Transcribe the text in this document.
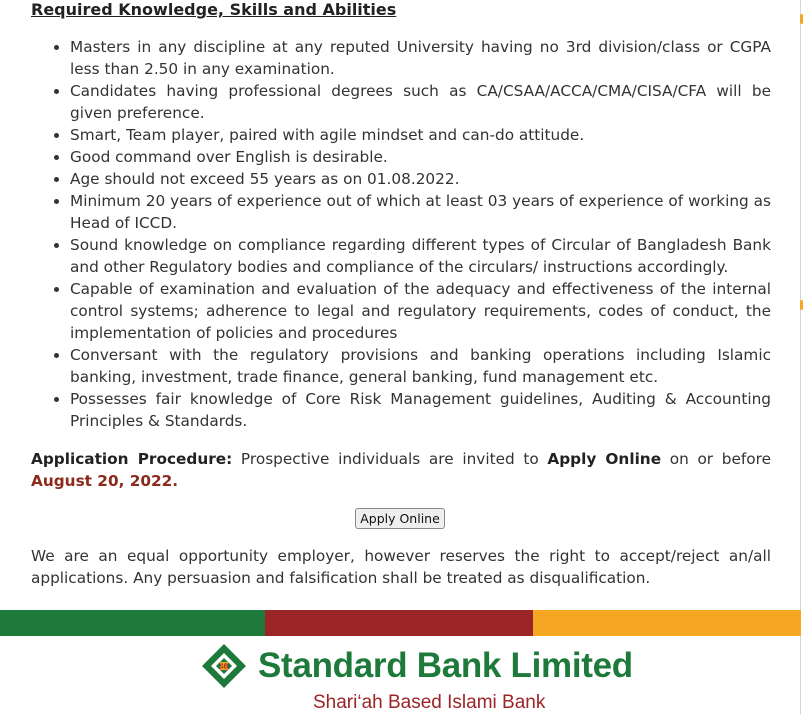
Required Knowledge, Skills and Abilities
• Masters in any discipline at any reputed University having no 3rd division/class or CGPA less than 2.50 in any examination.
• Candidates having professional degrees such as CA/CSAA/ACCA/CMA/CISA/CFA will be given preference.
• Smart, Team player, paired with agile mindset and can-do attitude.
• Good command over English is desirable.
• Age should not exceed 55 years as on 01.08.2022.
• Minimum 20 years of experience out of which at least 03 years of experience of working as Head of ICCD.
• Sound knowledge on compliance regarding different types of Circular of Bangladesh Bank and other Regulatory bodies and compliance of the circulars/ instructions accordingly.
• Capable of examination and evaluation of the adequacy and effectiveness of the internal control systems; adherence to legal and regulatory requirements, codes of conduct, the implementation of policies and procedures
• Conversant with the regulatory provisions and banking operations including Islamic banking, investment, trade finance, general banking, fund management etc.
• Possesses fair knowledge of Core Risk Management guidelines, Auditing & Accounting Principles & Standards.

Application Procedure: Prospective individuals are invited to Apply Online on or before August 20, 2022.

Apply Online

We are an equal opportunity employer, however reserves the right to accept/reject an/all applications. Any persuasion and falsification shall be treated as disqualification.

SB Standard Bank Limited
Shari‘ah Based Islami Bank
